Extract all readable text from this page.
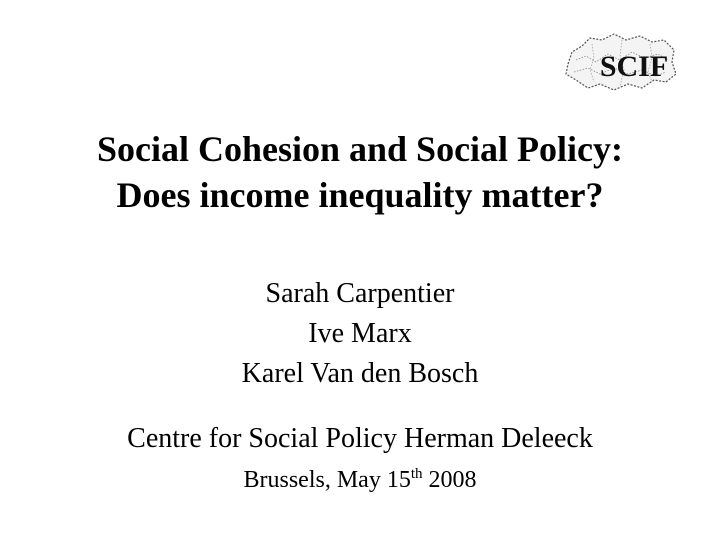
SCIF
Social Cohesion and Social Policy:
Does income inequality matter?
Sarah Carpentier
Ive Marx
Karel Van den Bosch
Centre for Social Policy Herman Deleeck
Brussels, May 15th 2008
